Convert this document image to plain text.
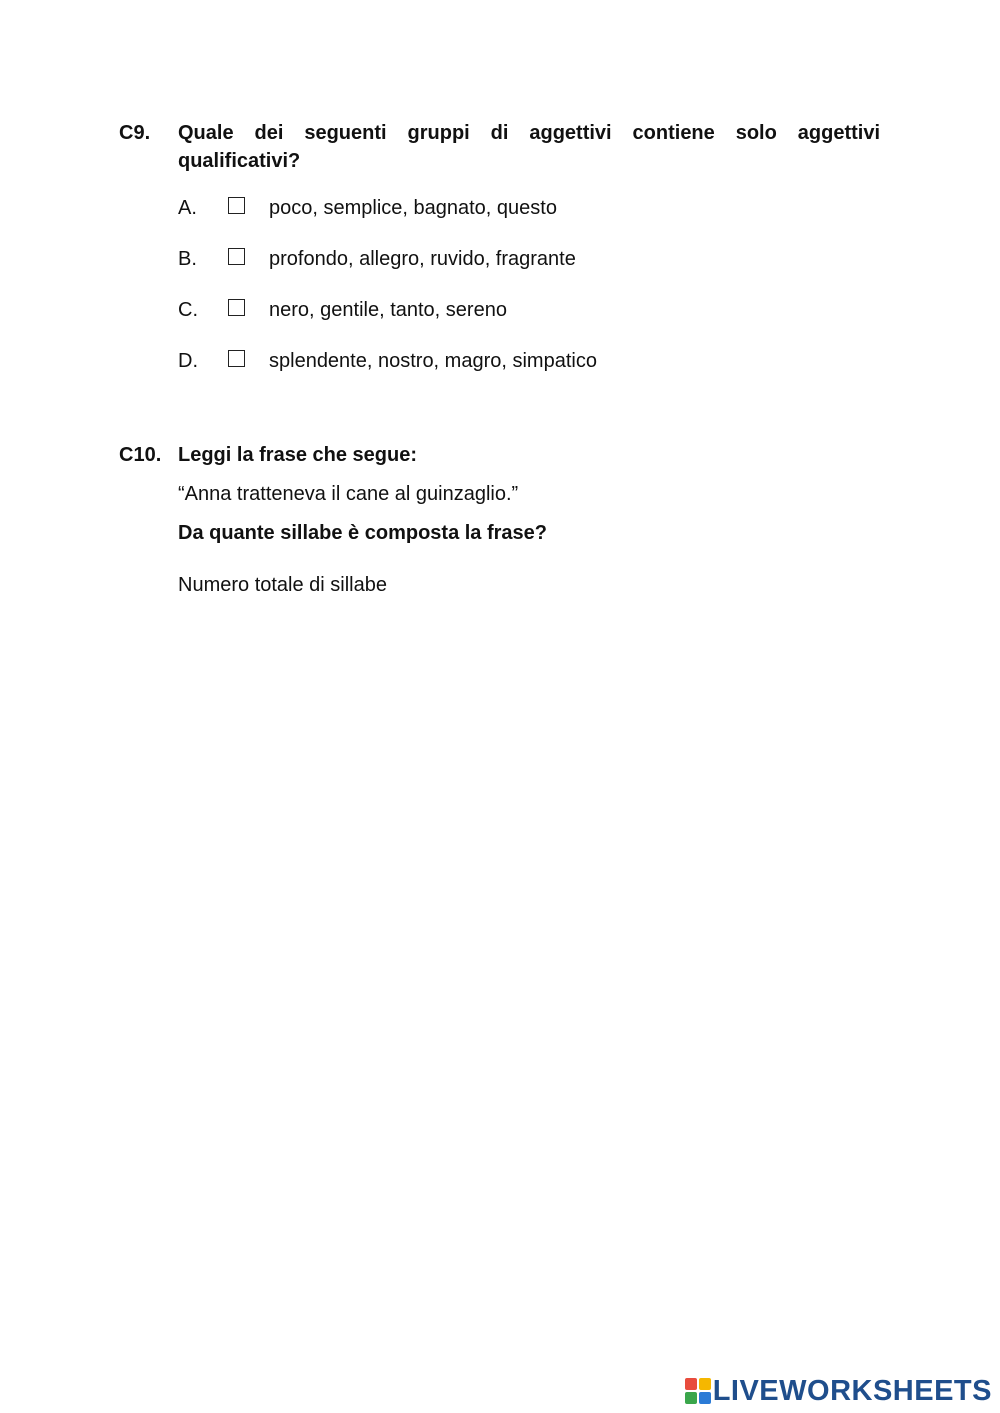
C9. Quale dei seguenti gruppi di aggettivi contiene solo aggettivi qualificativi?
A.	poco, semplice, bagnato, questo
B.	profondo, allegro, ruvido, fragrante
C.	nero, gentile, tanto, sereno
D.	splendente, nostro, magro, simpatico
C10. Leggi la frase che segue:
“Anna tratteneva il cane al guinzaglio.”
Da quante sillabe è composta la frase?
Numero totale di sillabe
LIVEWORKSHEETS
